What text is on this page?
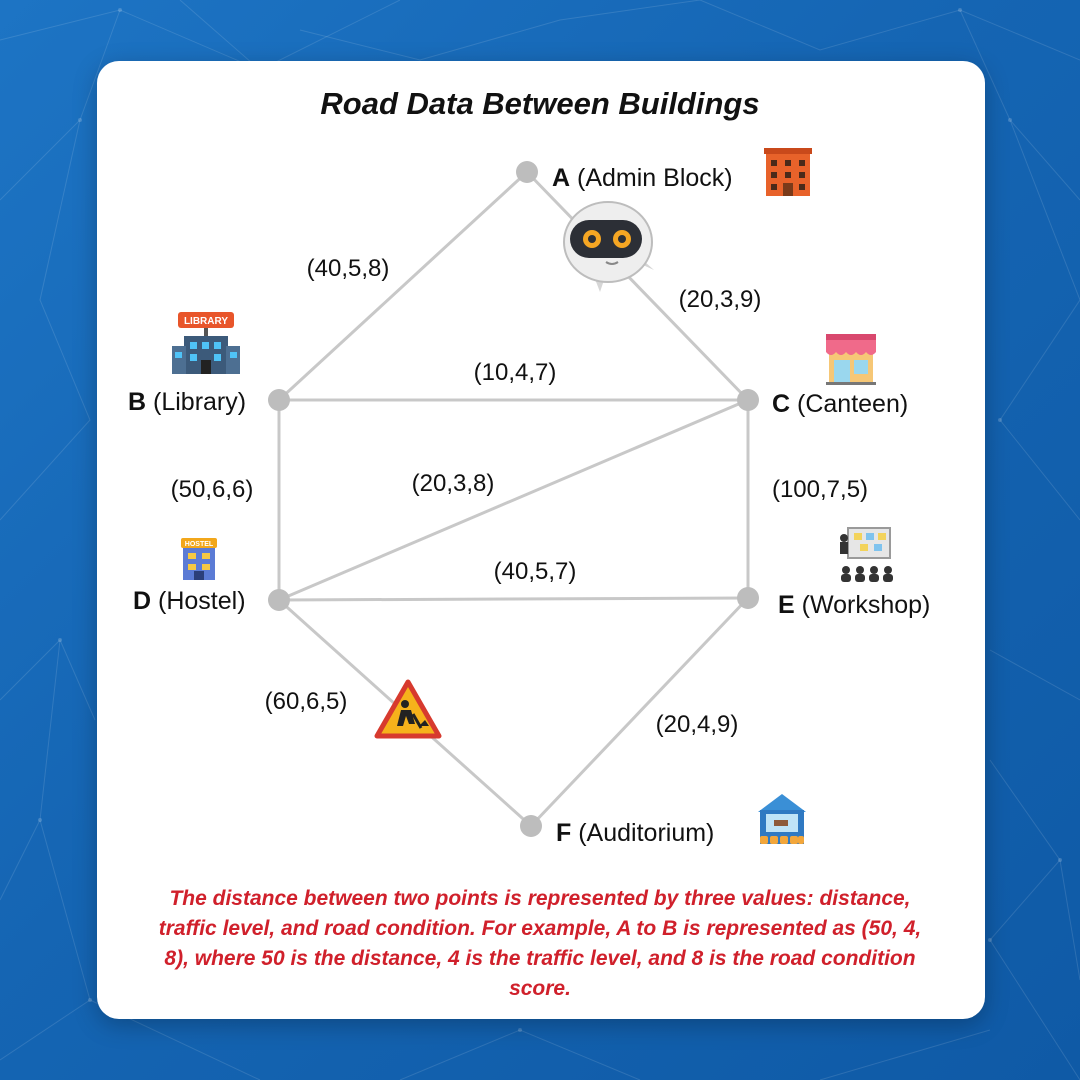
Road Data Between Buildings
(40,5,8)
(20,3,9)
(10,4,7)
(50,6,6)	(20,3,8)	(100,7,5)
(40,5,7)
(60,6,5)
(20,4,9)
A (Admin Block)
B (Library)	C (Canteen)
D (Hostel)	E (Workshop)
F (Auditorium)
LIBRARY
HOSTEL
The distance between two points is represented by three values: distance, traffic level, and road condition. For example, A to B is represented as (50, 4, 8), where 50 is the distance, 4 is the traffic level, and 8 is the road condition score.
